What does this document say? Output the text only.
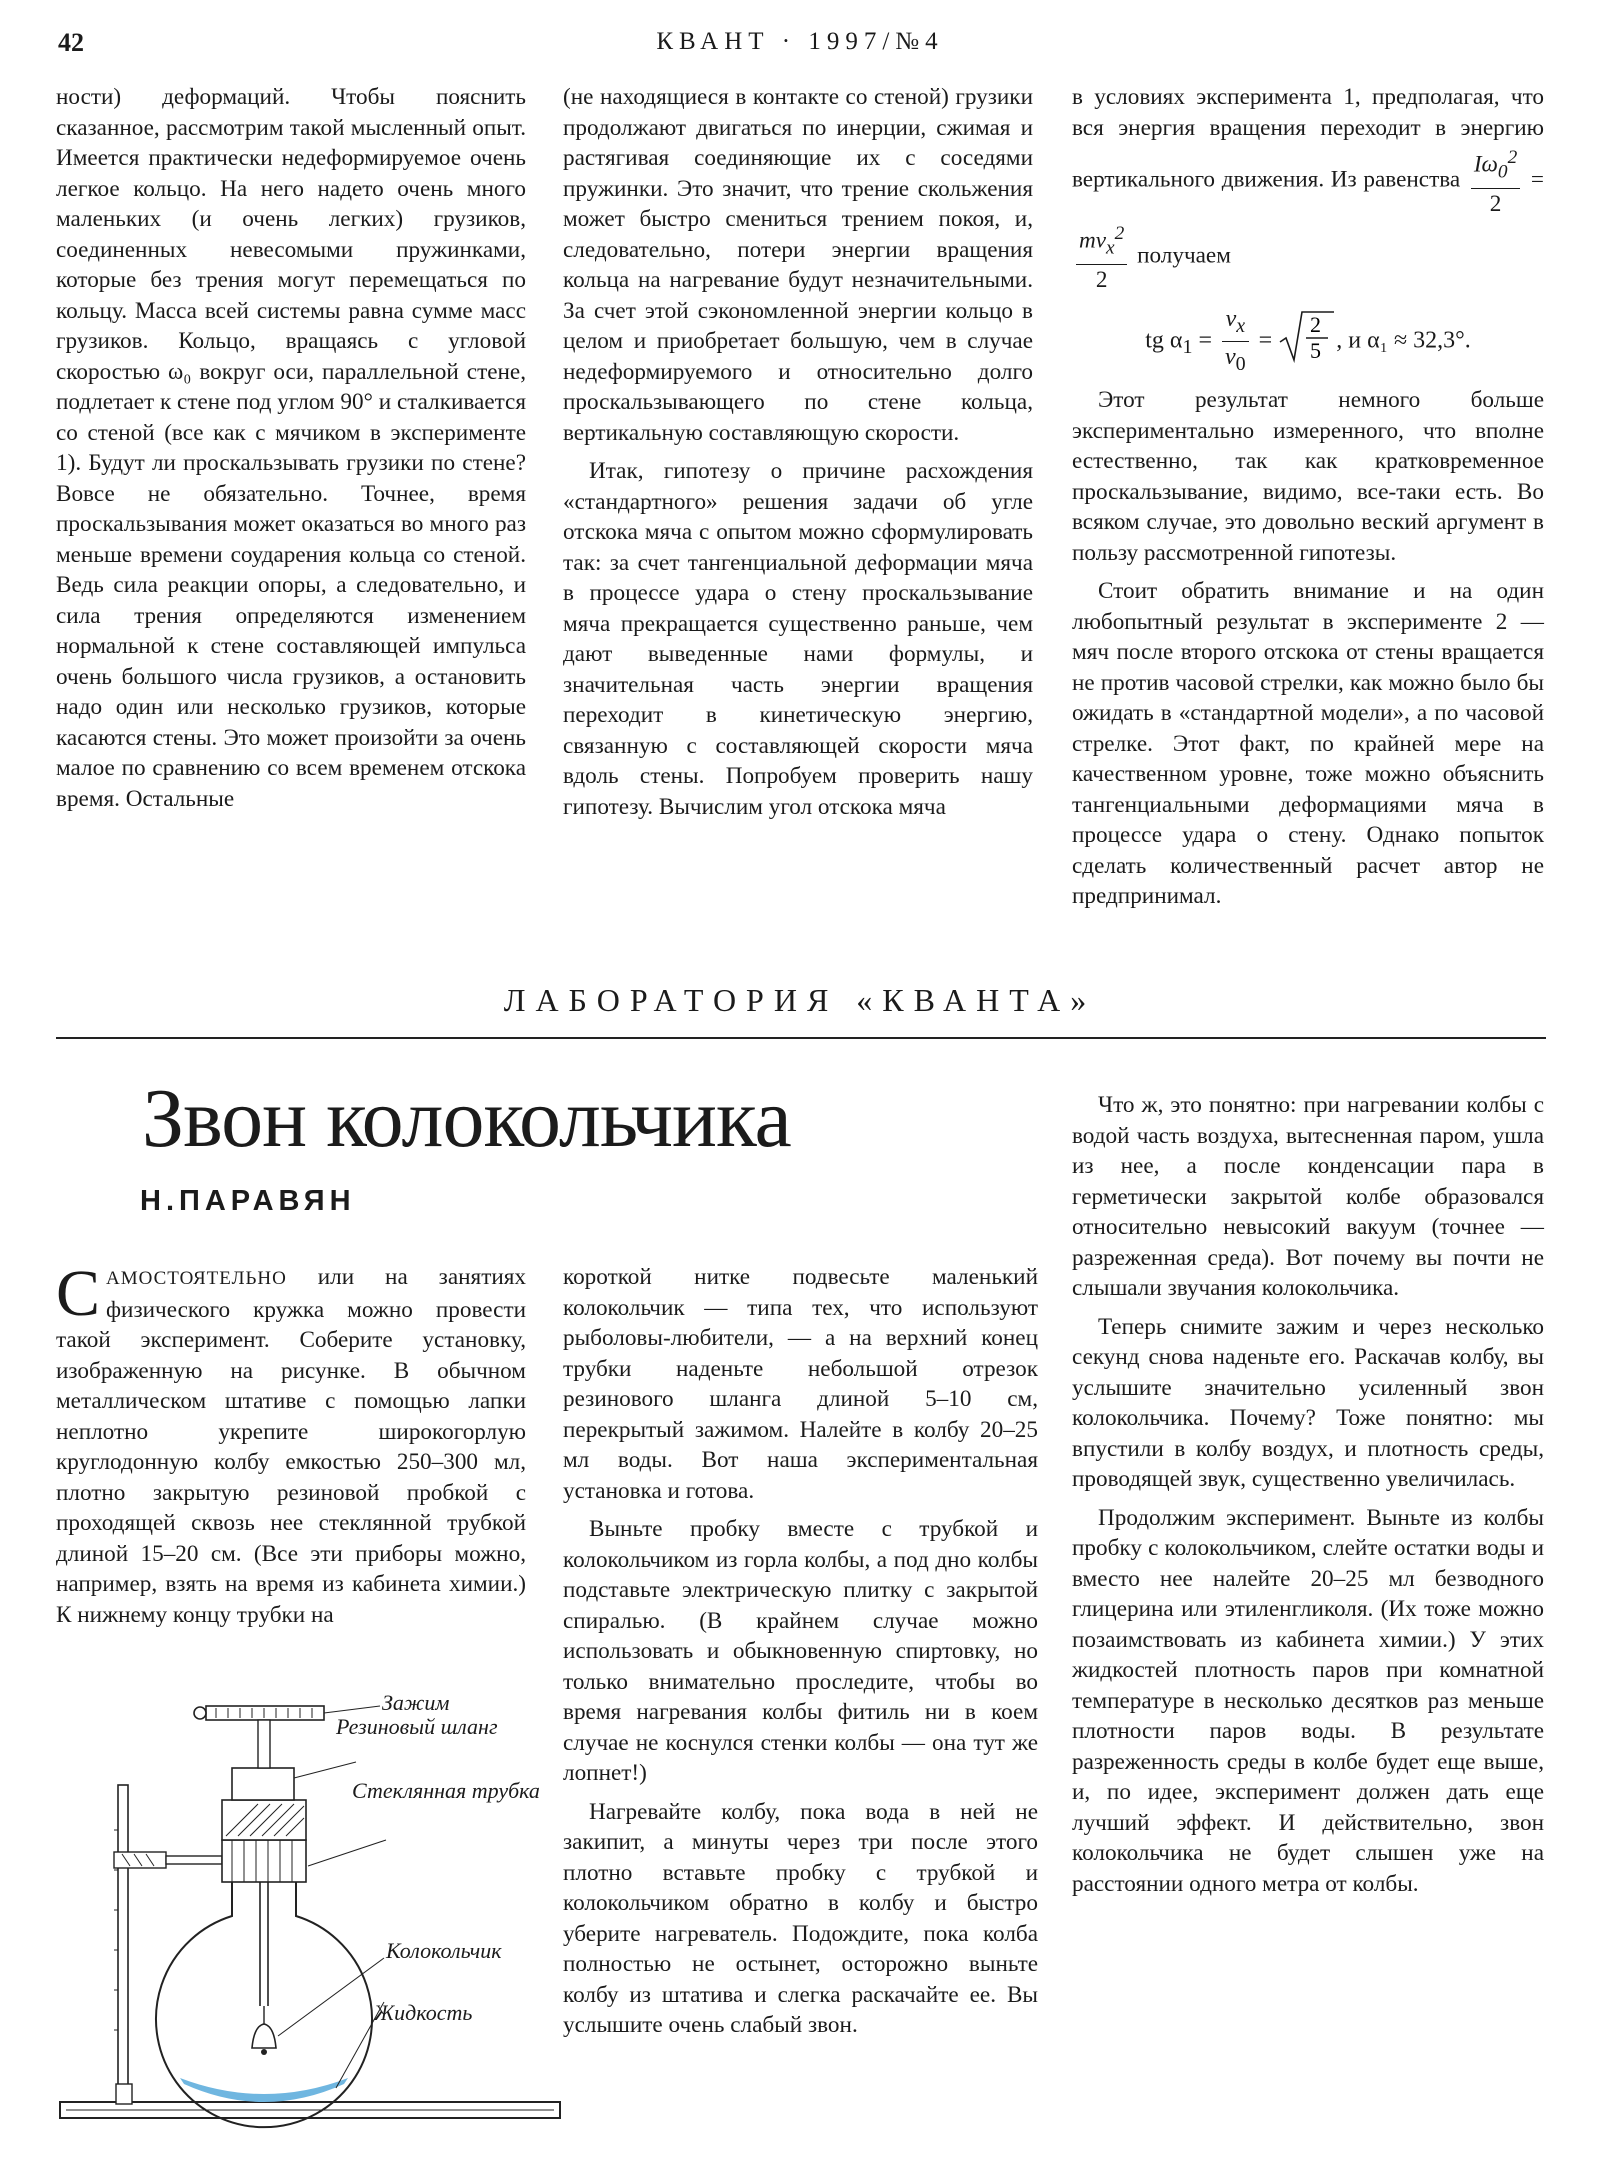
42	КВАНТ · 1997/№4

ности) деформаций. Чтобы пояснить сказанное, рассмотрим такой мысленный опыт. Имеется практически недеформируемое очень легкое кольцо. На него надето очень много маленьких (и очень легких) грузиков, соединенных невесомыми пружинками, которые без трения могут перемещаться по кольцу. Масса всей системы равна сумме масс грузиков. Кольцо, вращаясь с угловой скоростью ω₀ вокруг оси, параллельной стене, подлетает к стене под углом 90° и сталкивается со стеной (все как с мячиком в эксперименте 1). Будут ли проскальзывать грузики по стене? Вовсе не обязательно. Точнее, время проскальзывания может оказаться во много раз меньше времени соударения кольца со стеной. Ведь сила реакции опоры, а следовательно, и сила трения определяются изменением нормальной к стене составляющей импульса очень большого числа грузиков, а остановить надо один или несколько грузиков, которые касаются стены. Это может произойти за очень малое по сравнению со всем временем отскока время. Остальные

(не находящиеся в контакте со стеной) грузики продолжают двигаться по инерции, сжимая и растягивая соединяющие их с соседями пружинки. Это значит, что трение скольжения может быстро смениться трением покоя, и, следовательно, потери энергии вращения кольца на нагревание будут незначительными. За счет этой сэкономленной энергии кольцо в целом и приобретает большую, чем в случае недеформируемого и относительно долго проскальзывающего по стене кольца, вертикальную составляющую скорости.

Итак, гипотезу о причине расхождения «стандартного» решения задачи об угле отскока мяча с опытом можно сформулировать так: за счет тангенциальной деформации мяча в процессе удара о стену проскальзывание мяча прекращается существенно раньше, чем дают выведенные нами формулы, и значительная часть энергии вращения переходит в кинетическую энергию, связанную с составляющей скорости мяча вдоль стены. Попробуем проверить нашу гипотезу. Вычислим угол отскока мяча

в условиях эксперимента 1, предполагая, что вся энергия вращения переходит в энергию вертикального движения. Из равенства $\frac{I\omega_0^2}{2}$ =
$\frac{mv_x^2}{2}$ получаем

tg $\alpha_1 = \frac{v_x}{v_0}$ =
2
5 , и α₁ ≈ 32,3°.

Этот результат немного больше экспериментально измеренного, что вполне естественно, так как кратковременное проскальзывание, видимо, все-таки есть. Во всяком случае, это довольно веский аргумент в пользу рассмотренной гипотезы.

Стоит обратить внимание и на один любопытный результат в эксперименте 2 — мяч после второго отскока от стены вращается не против часовой стрелки, как можно было бы ожидать в «стандартной модели», а по часовой стрелке. Этот факт, по крайней мере на качественном уровне, тоже можно объяснить тангенциальными деформациями мяча в процессе удара о стену. Однако попыток сделать количественный расчет автор не предпринимал.

ЛАБОРАТОРИЯ «КВАНТА»
Звон колокольчика
Н.ПАРАВЯН

САМОСТОЯТЕЛЬНО или на занятиях физического кружка можно провести такой эксперимент. Соберите установку, изображенную на рисунке. В обычном металлическом штативе с помощью лапки неплотно укрепите широкогорлую круглодонную колбу емкостью 250–300 мл, плотно закрытую резиновой пробкой с проходящей сквозь нее стеклянной трубкой длиной 15–20 см. (Все эти приборы можно, например, взять на время из кабинета химии.) К нижнему концу трубки на

короткой нитке подвесьте маленький колокольчик — типа тех, что используют рыболовы-любители, — а на верхний конец трубки наденьте небольшой отрезок резинового шланга длиной 5–10 см, перекрытый зажимом. Налейте в колбу 20–25 мл воды. Вот наша экспериментальная установка и готова.

Выньте пробку вместе с трубкой и колокольчиком из горла колбы, а под дно колбы подставьте электрическую плитку с закрытой спиралью. (В крайнем случае можно использовать и обыкновенную спиртовку, но только внимательно проследите, чтобы во время нагревания колбы фитиль ни в коем случае не коснулся стенки колбы — она тут же лопнет!)

Нагревайте колбу, пока вода в ней не закипит, а минуты через три после этого плотно вставьте пробку с трубкой и колокольчиком обратно в колбу и быстро уберите нагреватель. Подождите, пока колба полностью не остынет, осторожно выньте колбу из штатива и слегка раскачайте ее. Вы услышите очень слабый звон.

Что ж, это понятно: при нагревании колбы с водой часть воздуха, вытесненная паром, ушла из нее, а после конденсации пара в герметически закрытой колбе образовался относительно невысокий вакуум (точнее — разреженная среда). Вот почему вы почти не слышали звучания колокольчика.

Теперь снимите зажим и через несколько секунд снова наденьте его. Раскачав колбу, вы услышите значительно усиленный звон колокольчика. Почему? Тоже понятно: мы впустили в колбу воздух, и плотность среды, проводящей звук, существенно увеличилась.

Продолжим эксперимент. Выньте из колбы пробку с колокольчиком, слейте остатки воды и вместо нее налейте 20–25 мл безводного глицерина или этиленгликоля. (Их тоже можно позаимствовать из кабинета химии.) У этих жидкостей плотность паров при комнатной температуре в несколько десятков раз меньше плотности паров воды. В результате разреженность среды в колбе будет еще выше, и, по идее, эксперимент должен дать еще лучший эффект. И действительно, звон колокольчика не будет слышен уже на расстоянии одного метра от колбы.

Зажим
Резиновый шланг
Стеклянная трубка
Колокольчик
Жидкость
